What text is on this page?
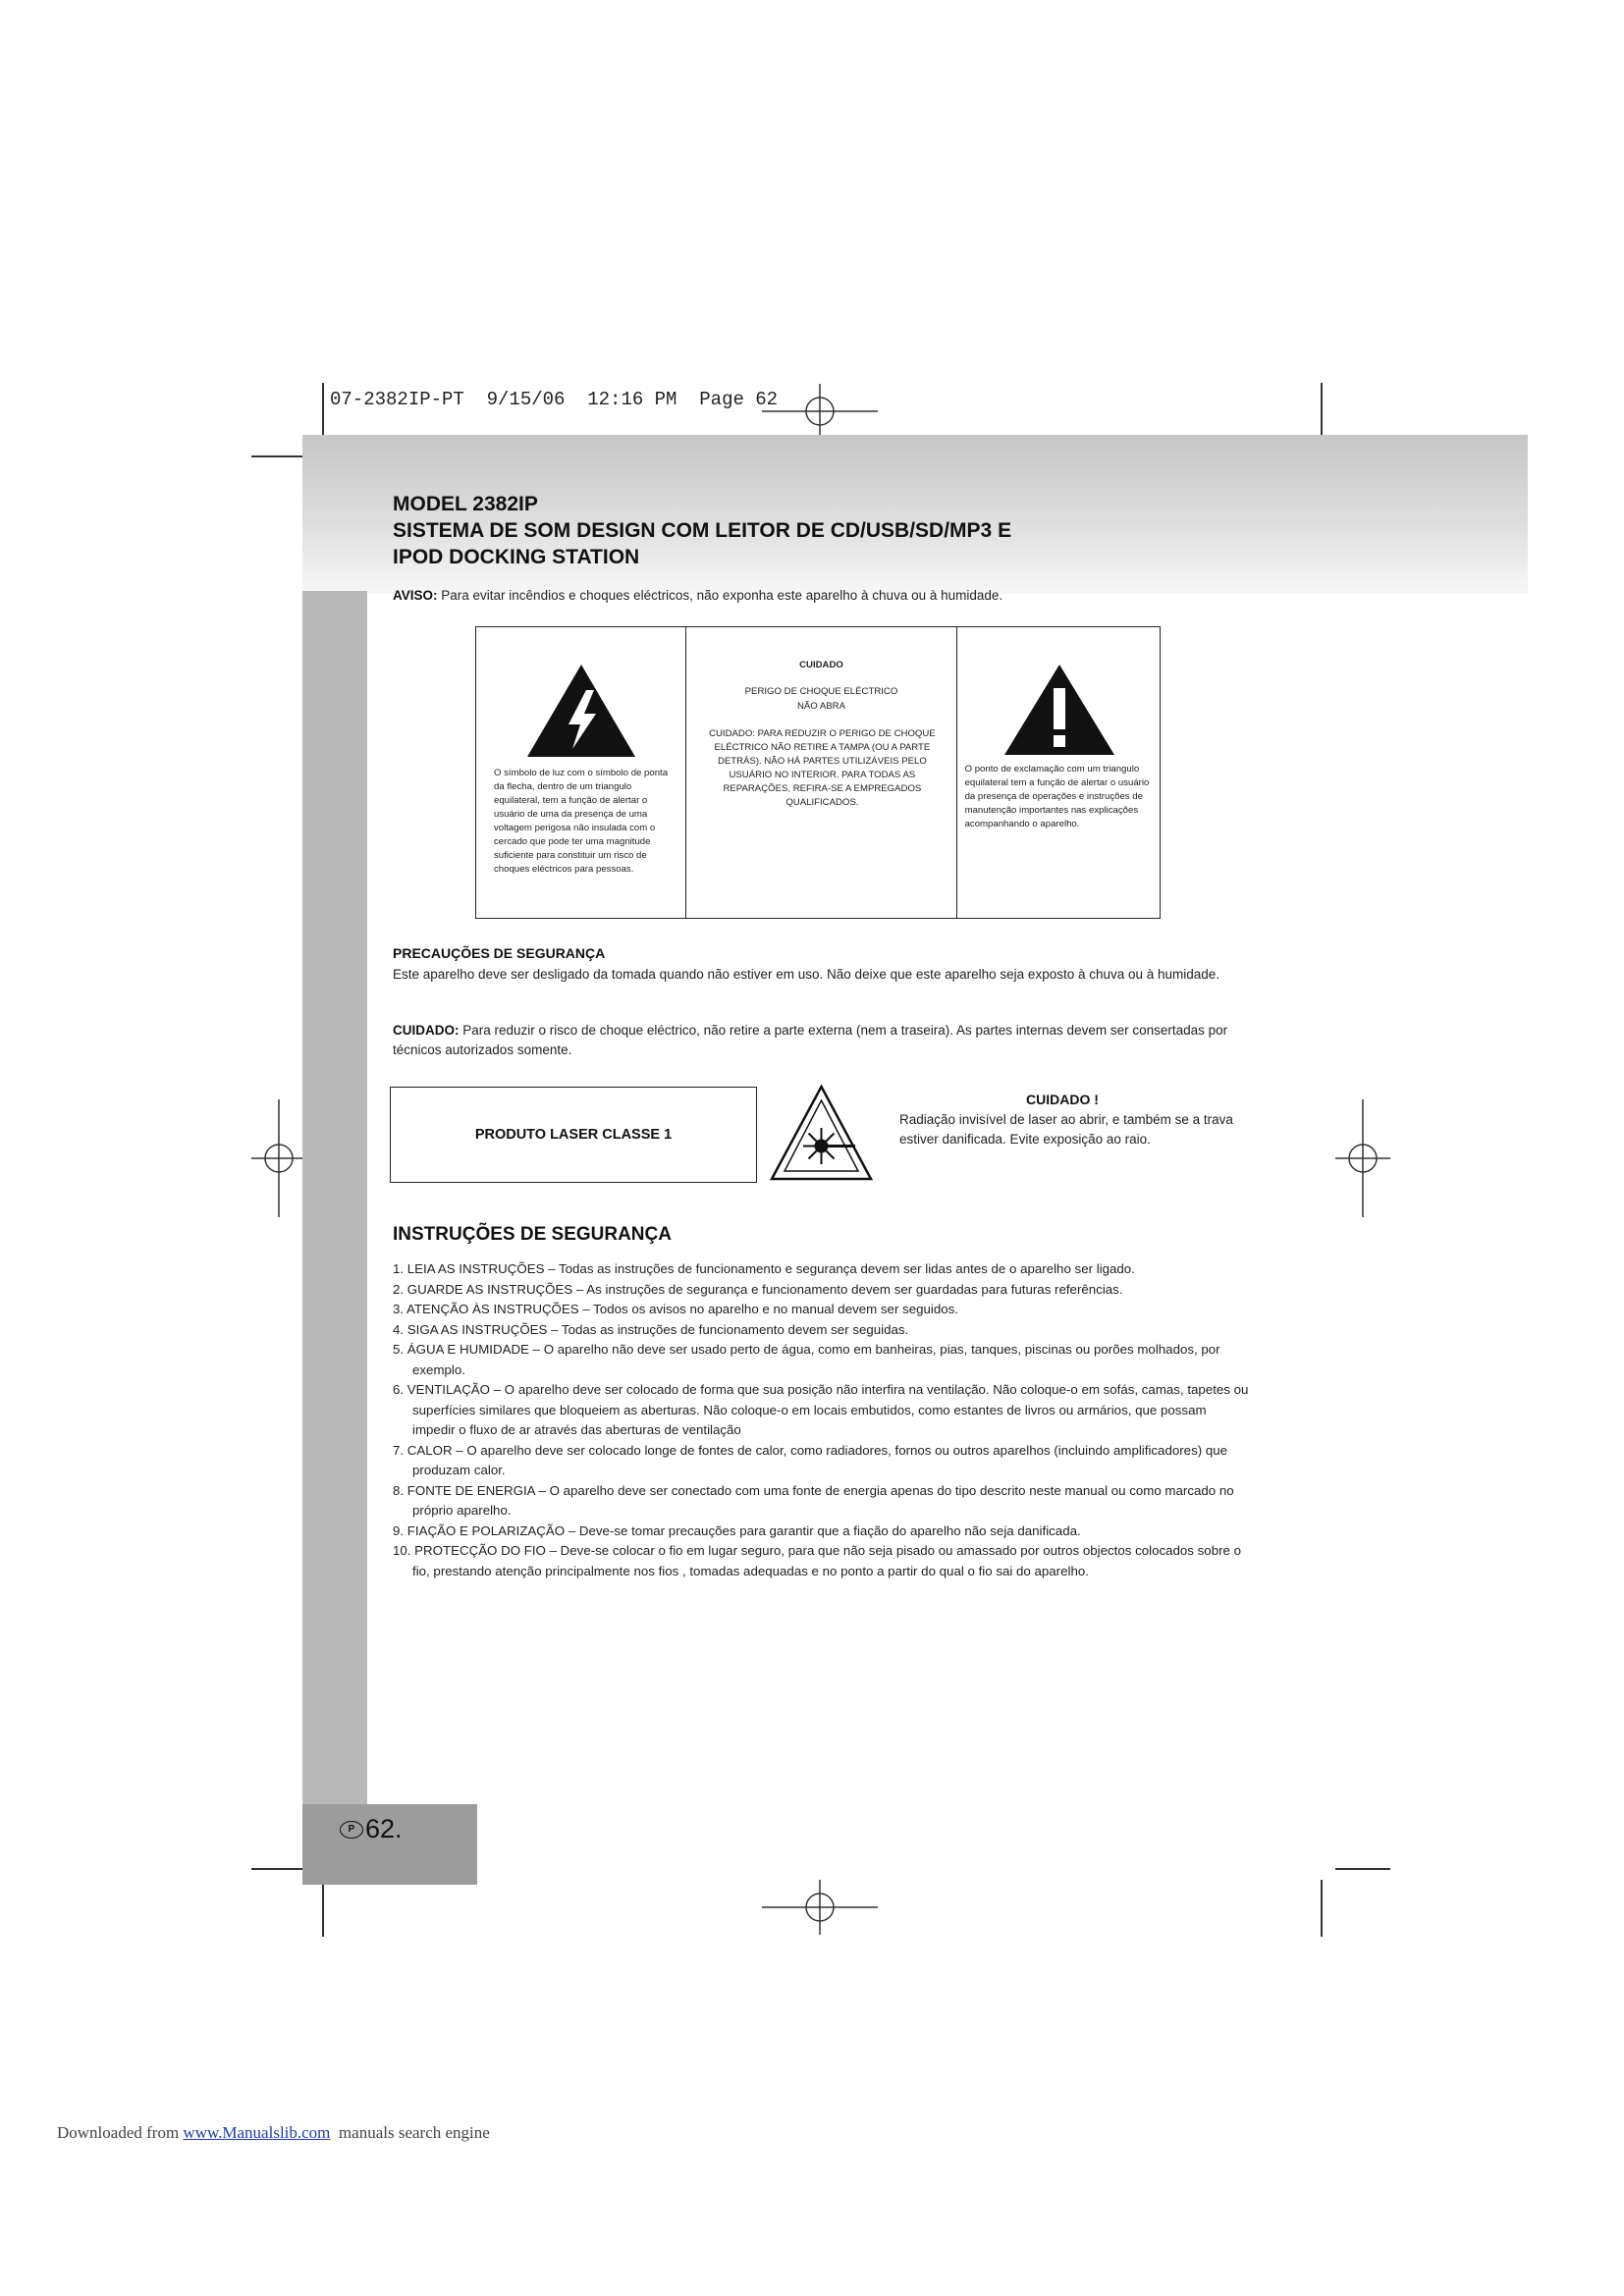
07-2382IP-PT  9/15/06  12:16 PM  Page 62
P 62.
MODEL 2382IP
SISTEMA DE SOM DESIGN COM LEITOR DE CD/USB/SD/MP3 E
IPOD DOCKING STATION
AVISO: Para evitar incêndios e choques eléctricos, não exponha este aparelho à chuva ou à humidade.
O símbolo de luz com o símbolo de ponta da flecha, dentro de um triangulo equilateral, tem a função de alertar o usuário de uma da presença de uma voltagem perigosa não insulada com o cercado que pode ter uma magnitude suficiente para constituir um risco de choques eléctricos para pessoas.
CUIDADO
PERIGO DE CHOQUE ELÉCTRICO
NÃO ABRA
CUIDADO: PARA REDUZIR O PERIGO DE CHOQUE ELÉCTRICO NÃO RETIRE A TAMPA (OU A PARTE DETRÁS). NÃO HÁ PARTES UTILIZÁVEIS PELO USUÁRIO NO INTERIOR. PARA TODAS AS REPARAÇÕES, REFIRA-SE A EMPREGADOS QUALIFICADOS.
O ponto de exclamação com um triangulo equilateral tem a função de alertar o usuário da presença de operações e instruções de manutenção importantes nas explicações acompanhando o aparelho.
PRECAUÇÕES DE SEGURANÇA
Este aparelho deve ser desligado da tomada quando não estiver em uso. Não deixe que este aparelho seja exposto à chuva ou à humidade.
CUIDADO: Para reduzir o risco de choque eléctrico, não retire a parte externa (nem a traseira). As partes internas devem ser consertadas por técnicos autorizados somente.
PRODUTO LASER CLASSE 1
CUIDADO !
Radiação invisível de laser ao abrir, e também se a trava estiver danificada. Evite exposição ao raio.
INSTRUÇÕES DE SEGURANÇA
1. LEIA AS INSTRUÇÕES – Todas as instruções de funcionamento e segurança devem ser lidas antes de o aparelho ser ligado.
2. GUARDE AS INSTRUÇÕES – As instruções de segurança e funcionamento devem ser guardadas para futuras referências.
3. ATENÇÃO ÀS INSTRUÇÕES – Todos os avisos no aparelho e no manual devem ser seguidos.
4. SIGA AS INSTRUÇÕES – Todas as instruções de funcionamento devem ser seguidas.
5. ÁGUA E HUMIDADE – O aparelho não deve ser usado perto de água, como em banheiras, pias, tanques, piscinas ou porões molhados, por exemplo.
6. VENTILAÇÃO – O aparelho deve ser colocado de forma que sua posição não interfira na ventilação. Não coloque-o em sofás, camas, tapetes ou superfícies similares que bloqueiem as aberturas. Não coloque-o em locais embutidos, como estantes de livros ou armários, que possam impedir o fluxo de ar através das aberturas de ventilação
7. CALOR – O aparelho deve ser colocado longe de fontes de calor, como radiadores, fornos ou outros aparelhos (incluindo amplificadores) que produzam calor.
8. FONTE DE ENERGIA – O aparelho deve ser conectado com uma fonte de energia apenas do tipo descrito neste manual ou como marcado no próprio aparelho.
9. FIAÇÃO E POLARIZAÇÃO – Deve-se tomar precauções para garantir que a fiação do aparelho não seja danificada.
10. PROTECÇÃO DO FIO – Deve-se colocar o fio em lugar seguro, para que não seja pisado ou amassado por outros objectos colocados sobre o fio, prestando atenção principalmente nos fios , tomadas adequadas e no ponto a partir do qual o fio sai do aparelho.
Downloaded from www.Manualslib.com  manuals search engine
